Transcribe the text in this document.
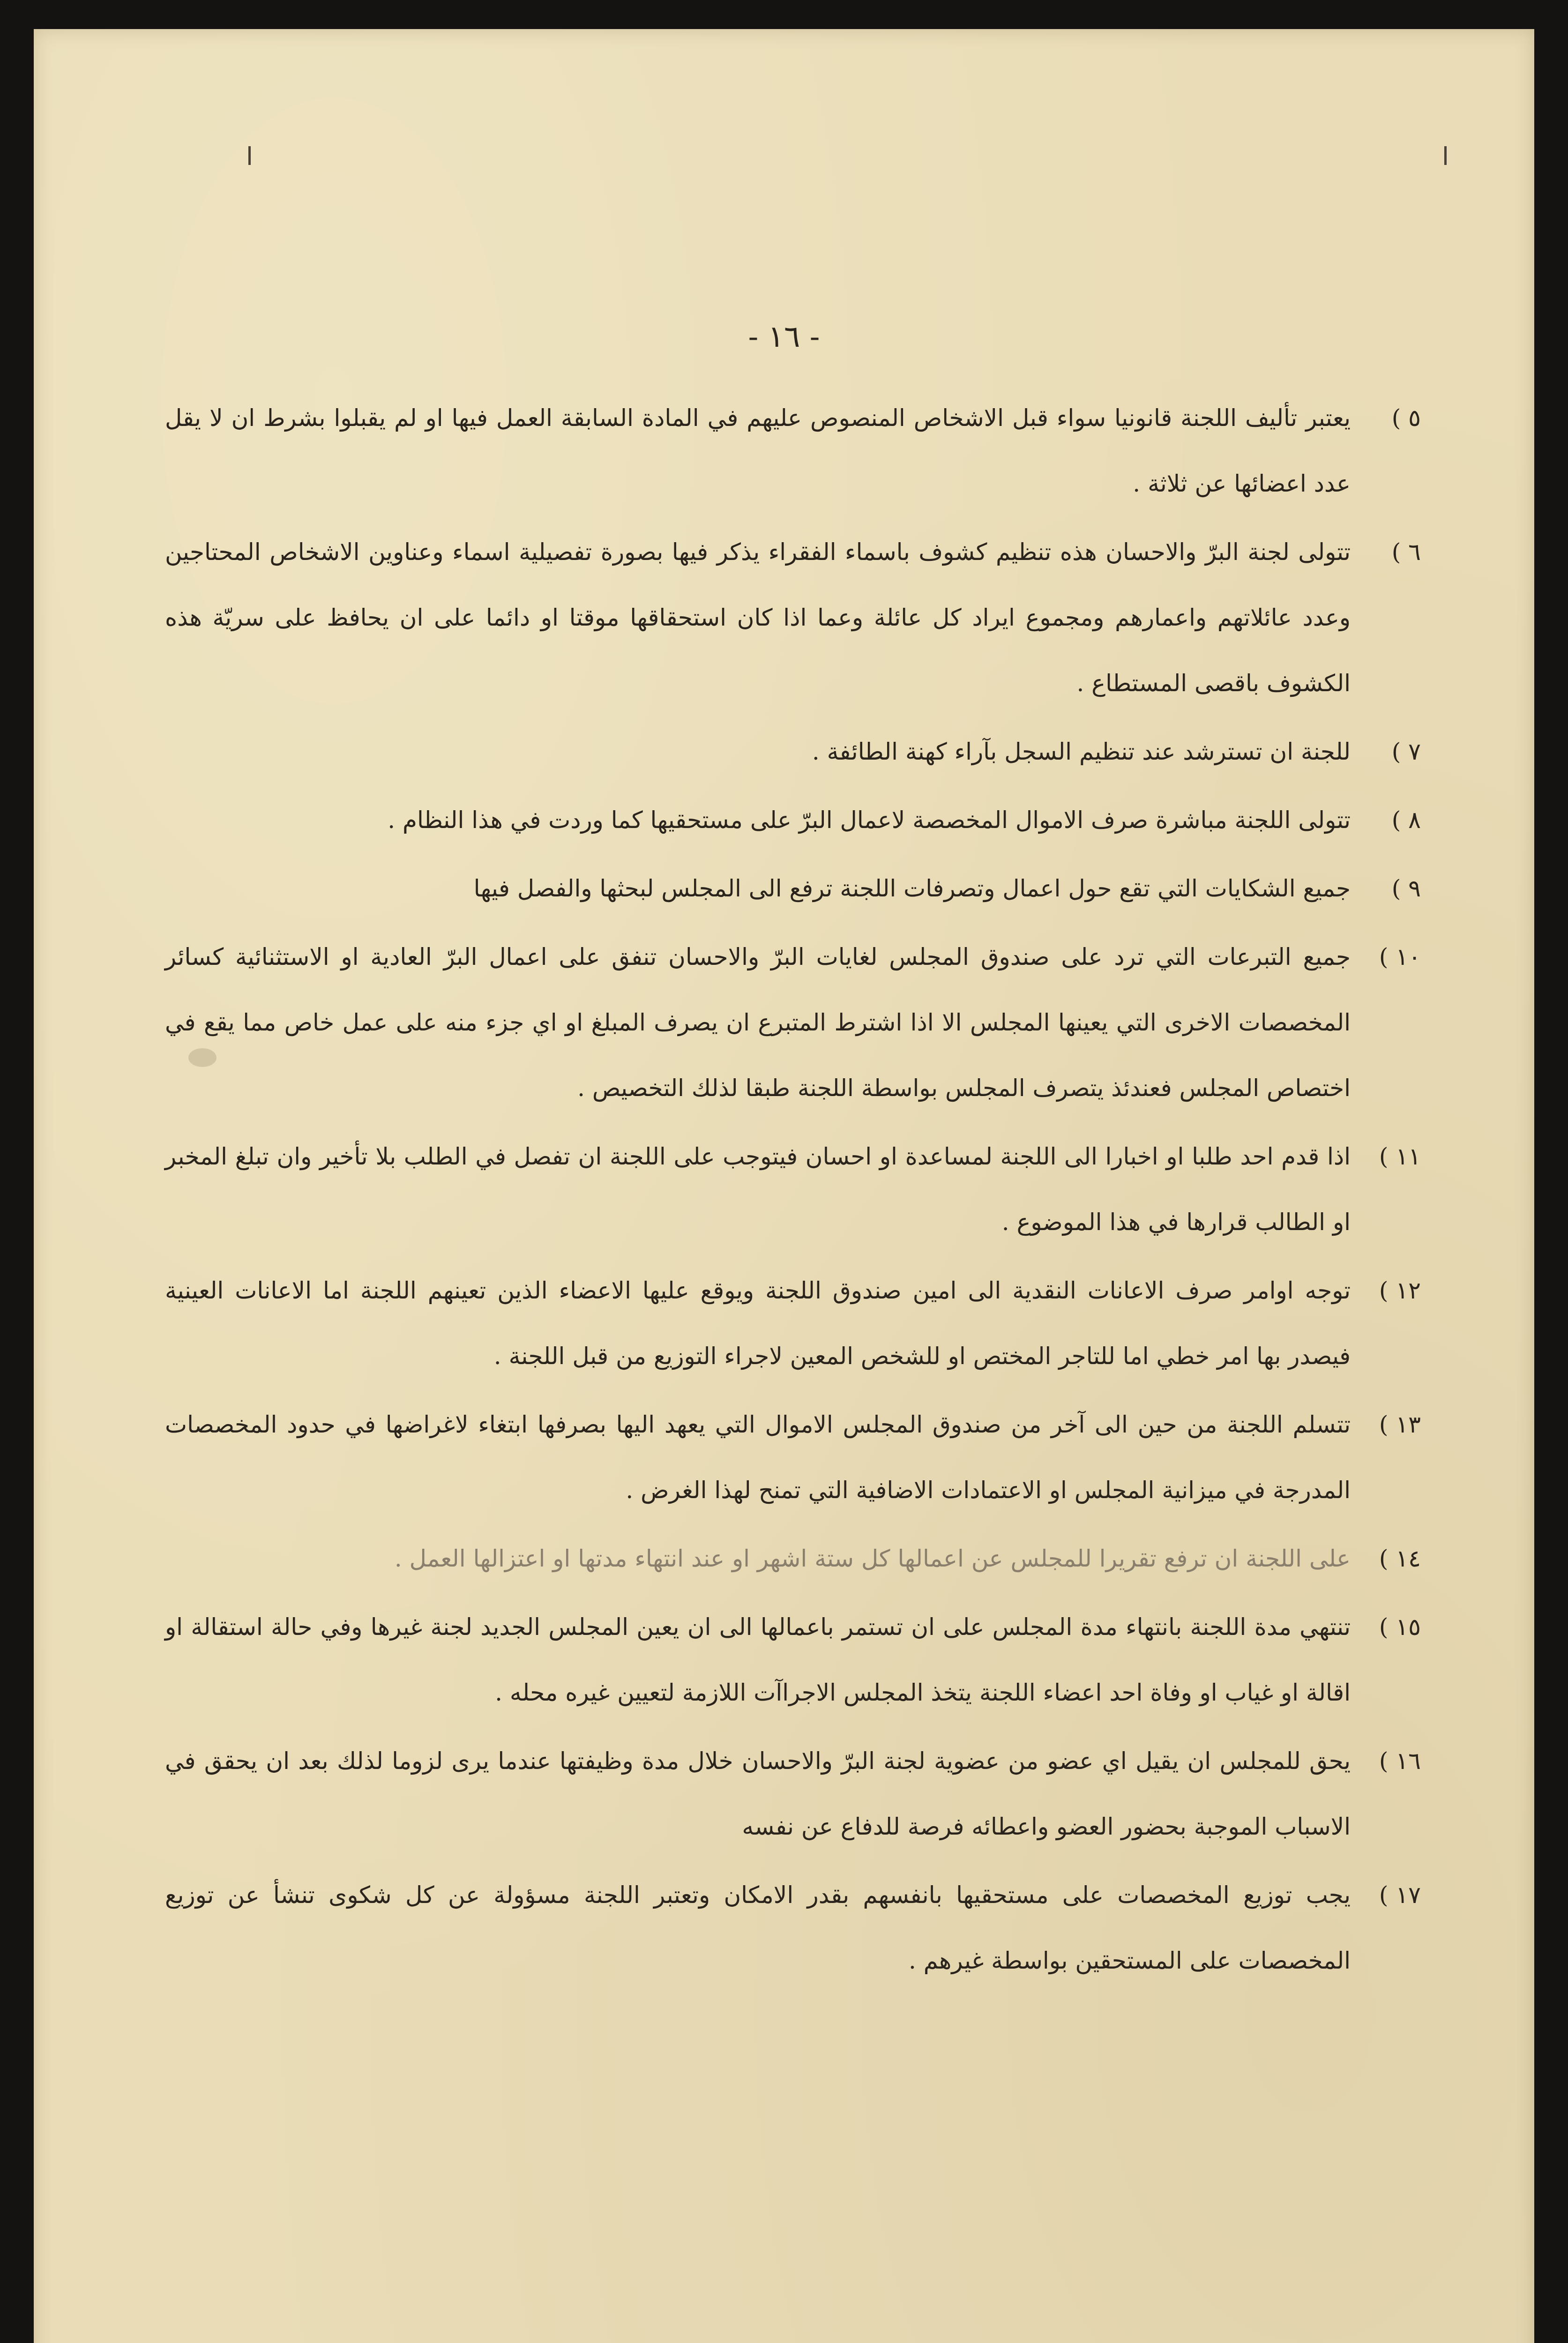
- ١٦ -
٥ )
يعتبر تأليف اللجنة قانونيا سواء قبل الاشخاص المنصوص عليهم في المادة السابقة العمل فيها او لم يقبلوا بشرط ان لا يقل عدد اعضائها عن ثلاثة .
٦ )
تتولى لجنة البرّ والاحسان هذه تنظيم كشوف باسماء الفقراء يذكر فيها بصورة تفصيلية اسماء وعناوين الاشخاص المحتاجين وعدد عائلاتهم واعمارهم ومجموع ايراد كل عائلة وعما اذا كان استحقاقها موقتا او دائما على ان يحافظ على سريّة هذه الكشوف باقصى المستطاع .
٧ )
للجنة ان تسترشد عند تنظيم السجل بآراء كهنة الطائفة .
٨ )
تتولى اللجنة مباشرة صرف الاموال المخصصة لاعمال البرّ على مستحقيها كما وردت في هذا النظام .
٩ )
جميع الشكايات التي تقع حول اعمال وتصرفات اللجنة ترفع الى المجلس لبحثها والفصل فيها
١٠ )
جميع التبرعات التي ترد على صندوق المجلس لغايات البرّ والاحسان تنفق على اعمال البرّ العادية او الاستثنائية كسائر المخصصات الاخرى التي يعينها المجلس الا اذا اشترط المتبرع ان يصرف المبلغ او اي جزء منه على عمل خاص مما يقع في اختصاص المجلس فعندئذ يتصرف المجلس بواسطة اللجنة طبقا لذلك التخصيص .
١١ )
اذا قدم احد طلبا او اخبارا الى اللجنة لمساعدة او احسان فيتوجب على اللجنة ان تفصل في الطلب بلا تأخير وان تبلغ المخبر او الطالب قرارها في هذا الموضوع .
١٢ )
توجه اوامر صرف الاعانات النقدية الى امين صندوق اللجنة ويوقع عليها الاعضاء الذين تعينهم اللجنة اما الاعانات العينية فيصدر بها امر خطي اما للتاجر المختص او للشخص المعين لاجراء التوزيع من قبل اللجنة .
١٣ )
تتسلم اللجنة من حين الى آخر من صندوق المجلس الاموال التي يعهد اليها بصرفها ابتغاء لاغراضها في حدود المخصصات المدرجة في ميزانية المجلس او الاعتمادات الاضافية التي تمنح لهذا الغرض .
١٤ )
على اللجنة ان ترفع تقريرا للمجلس عن اعمالها كل ستة اشهر او عند انتهاء مدتها او اعتزالها العمل .
١٥ )
تنتهي مدة اللجنة بانتهاء مدة المجلس على ان تستمر باعمالها الى ان يعين المجلس الجديد لجنة غيرها وفي حالة استقالة او اقالة او غياب او وفاة احد اعضاء اللجنة يتخذ المجلس الاجراآت اللازمة لتعيين غيره محله .
١٦ )
يحق للمجلس ان يقيل اي عضو من عضوية لجنة البرّ والاحسان خلال مدة وظيفتها عندما يرى لزوما لذلك بعد ان يحقق في الاسباب الموجبة بحضور العضو واعطائه فرصة للدفاع عن نفسه
١٧ )
يجب توزيع المخصصات على مستحقيها بانفسهم بقدر الامكان وتعتبر اللجنة مسؤولة عن كل شكوى تنشأ عن توزيع المخصصات على المستحقين بواسطة غيرهم .
